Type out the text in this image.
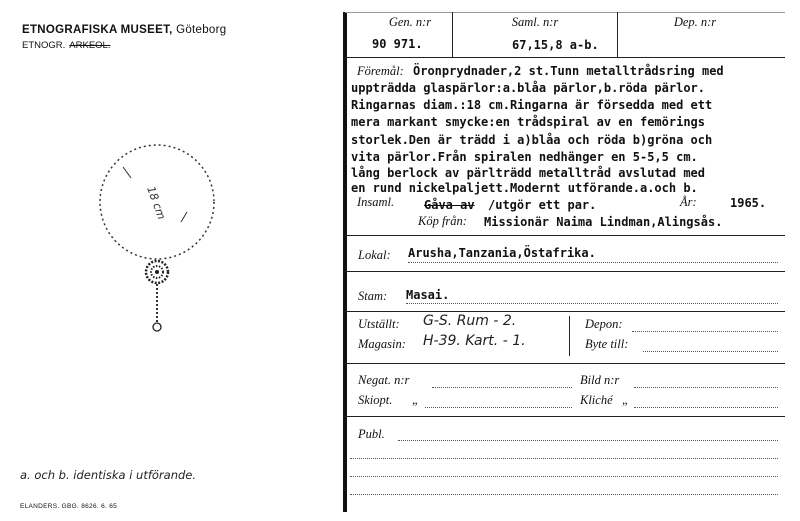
ETNOGRAFISKA MUSEET, Göteborg
ETNOGR. ARKEOL.
18 cm
a. och b. identiska i utförande.
ELANDERS. GBG. 8626. 6. 65
Gen. n:r	Saml. n:r	Dep. n:r
90 971.	67,15,8 a-b.
Föremål: Öronprydnader,2 st.Tunn metalltrådsring med
uppträdda glaspärlor:a.blåa pärlor,b.röda pärlor.
Ringarnas diam.:18 cm.Ringarna är försedda med ett
mera markant smycke:en trådspiral av en femörings
storlek.Den är trädd i a)blåa och röda b)gröna och
vita pärlor.Från spiralen nedhänger en 5-5,5 cm.
lång berlock av pärlträdd metalltråd avslutad med
en rund nickelpaljett.Modernt utförande.a.och b.
Insaml. Gåva av /utgör ett par.	År:	1965.
Köp från: Missionär Naima Lindman,Alingsås.
Lokal: Arusha,Tanzania,Östafrika.
Stam: Masai.
Utställt: G-S. Rum - 2.
Magasin: H-39. Kart. - 1.
Depon:
Byte till:
Negat. n:r	Bild n:r
Skiopt. „	Kliché „
Publ.
